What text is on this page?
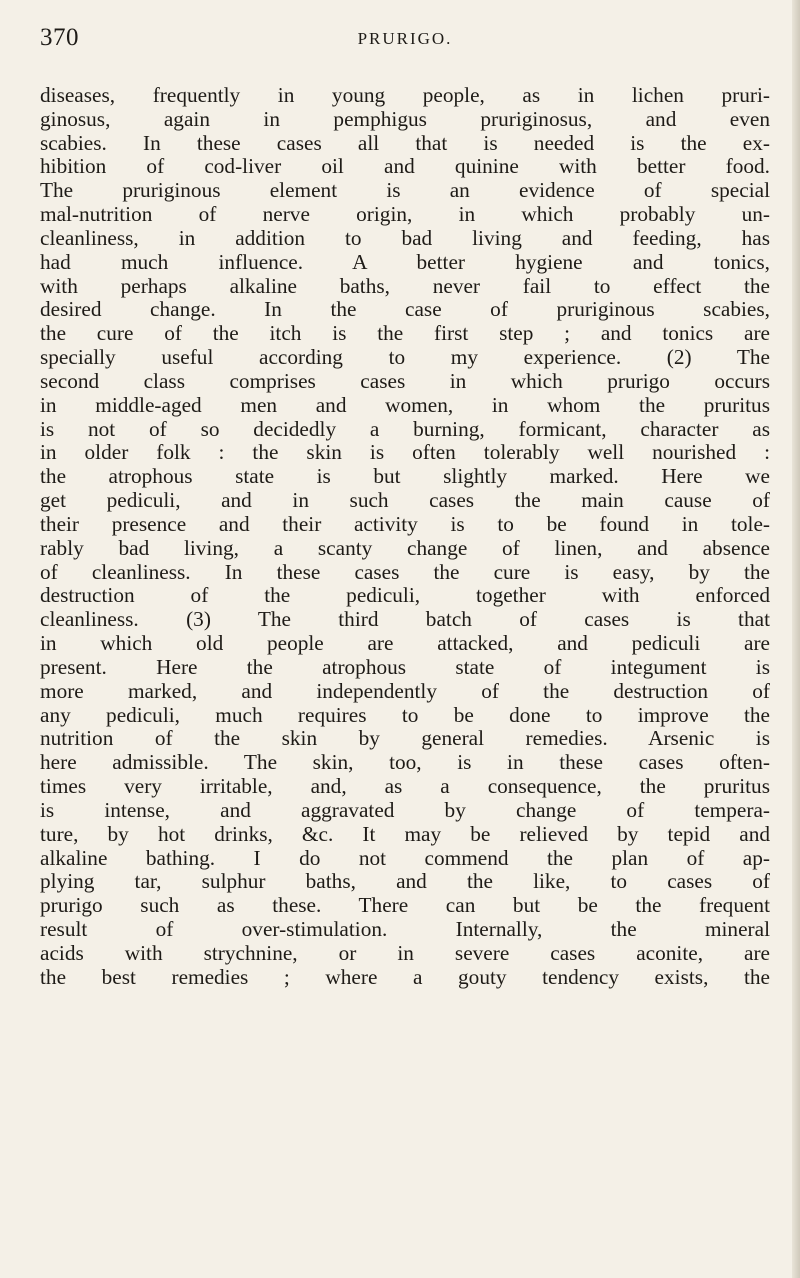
370	PRURIGO.
diseases, frequently in young people, as in lichen pruri-
ginosus, again in pemphigus pruriginosus, and even
scabies. In these cases all that is needed is the ex-
hibition of cod-liver oil and quinine with better food.
The pruriginous element is an evidence of special
mal-nutrition of nerve origin, in which probably un-
cleanliness, in addition to bad living and feeding, has
had much influence. A better hygiene and tonics,
with perhaps alkaline baths, never fail to effect the
desired change. In the case of pruriginous scabies,
the cure of the itch is the first step ; and tonics are
specially useful according to my experience. (2) The
second class comprises cases in which prurigo occurs
in middle-aged men and women, in whom the pruritus
is not of so decidedly a burning, formicant, character as
in older folk : the skin is often tolerably well nourished :
the atrophous state is but slightly marked. Here we
get pediculi, and in such cases the main cause of
their presence and their activity is to be found in tole-
rably bad living, a scanty change of linen, and absence
of cleanliness. In these cases the cure is easy, by the
destruction of the pediculi, together with enforced
cleanliness. (3) The third batch of cases is that
in which old people are attacked, and pediculi are
present. Here the atrophous state of integument is
more marked, and independently of the destruction of
any pediculi, much requires to be done to improve the
nutrition of the skin by general remedies. Arsenic is
here admissible. The skin, too, is in these cases often-
times very irritable, and, as a consequence, the pruritus
is intense, and aggravated by change of tempera-
ture, by hot drinks, &c. It may be relieved by tepid and
alkaline bathing. I do not commend the plan of ap-
plying tar, sulphur baths, and the like, to cases of
prurigo such as these. There can but be the frequent
result of over-stimulation. Internally, the mineral
acids with strychnine, or in severe cases aconite, are
the best remedies ; where a gouty tendency exists, the
